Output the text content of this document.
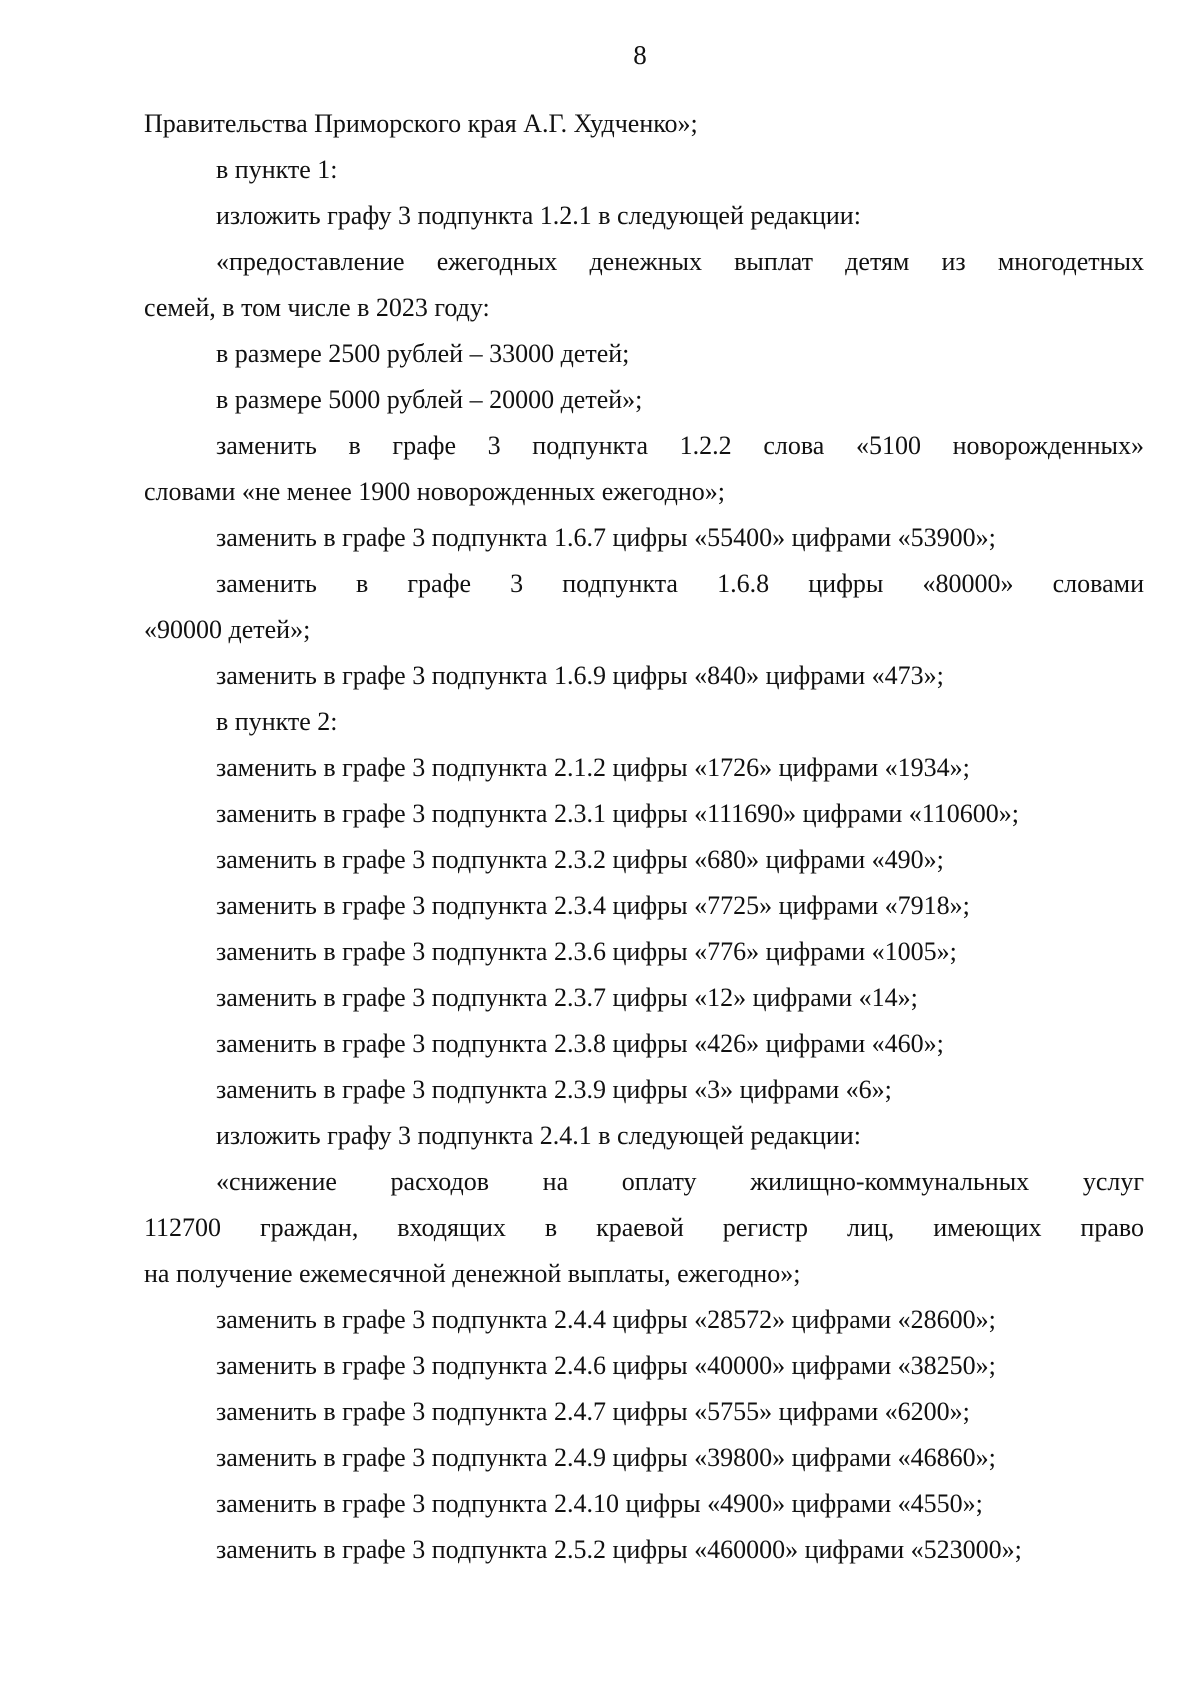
8
Правительства Приморского края А.Г. Худченко»;
в пункте 1:
изложить графу 3 подпункта 1.2.1 в следующей редакции:
«предоставление ежегодных денежных выплат детям из многодетных
семей, в том числе в 2023 году:
в размере 2500 рублей – 33000 детей;
в размере 5000 рублей – 20000 детей»;
заменить в графе 3 подпункта 1.2.2 слова «5100 новорожденных»
словами «не менее 1900 новорожденных ежегодно»;
заменить в графе 3 подпункта 1.6.7 цифры «55400» цифрами «53900»;
заменить в графе 3 подпункта 1.6.8 цифры «80000» словами
«90000 детей»;
заменить в графе 3 подпункта 1.6.9 цифры «840» цифрами «473»;
в пункте 2:
заменить в графе 3 подпункта 2.1.2 цифры «1726» цифрами «1934»;
заменить в графе 3 подпункта 2.3.1 цифры «111690» цифрами «110600»;
заменить в графе 3 подпункта 2.3.2 цифры «680» цифрами «490»;
заменить в графе 3 подпункта 2.3.4 цифры «7725» цифрами «7918»;
заменить в графе 3 подпункта 2.3.6 цифры «776» цифрами «1005»;
заменить в графе 3 подпункта 2.3.7 цифры «12» цифрами «14»;
заменить в графе 3 подпункта 2.3.8 цифры «426» цифрами «460»;
заменить в графе 3 подпункта 2.3.9 цифры «3» цифрами «6»;
изложить графу 3 подпункта 2.4.1 в следующей редакции:
«снижение расходов на оплату жилищно-коммунальных услуг
112700 граждан, входящих в краевой регистр лиц, имеющих право
на получение ежемесячной денежной выплаты, ежегодно»;
заменить в графе 3 подпункта 2.4.4 цифры «28572» цифрами «28600»;
заменить в графе 3 подпункта 2.4.6 цифры «40000» цифрами «38250»;
заменить в графе 3 подпункта 2.4.7 цифры «5755» цифрами «6200»;
заменить в графе 3 подпункта 2.4.9 цифры «39800» цифрами «46860»;
заменить в графе 3 подпункта 2.4.10 цифры «4900» цифрами «4550»;
заменить в графе 3 подпункта 2.5.2 цифры «460000» цифрами «523000»;
